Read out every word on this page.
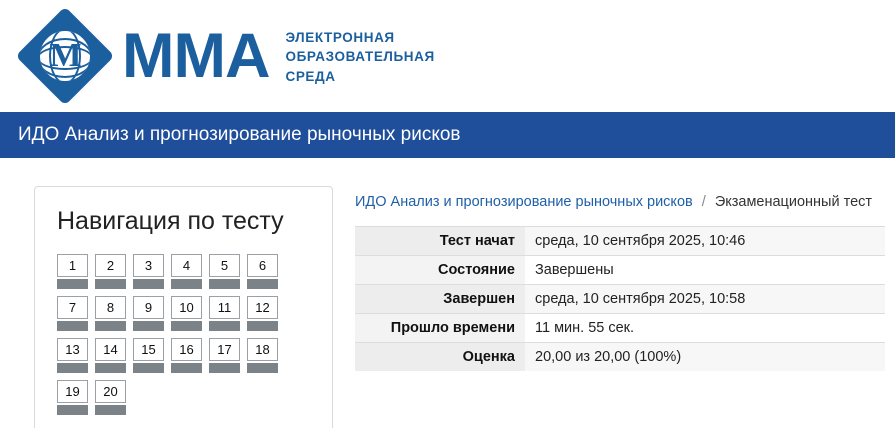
M MMA ЭЛЕКТРОННАЯ
ОБРАЗОВАТЕЛЬНАЯ
СРЕДА
ИДО Анализ и прогнозирование рыночных рисков
Навигация по тесту
1	2	3	4	5	6
7	8	9	10	11	12
13	14	15	16	17	18
19	20
ИДО Анализ и прогнозирование рыночных рисков / Экзаменационный тест
Тест начат	среда, 10 сентября 2025, 10:46
Состояние	Завершены
Завершен	среда, 10 сентября 2025, 10:58
Прошло времени	11 мин. 55 сек.
Оценка	20,00 из 20,00 (100%)
